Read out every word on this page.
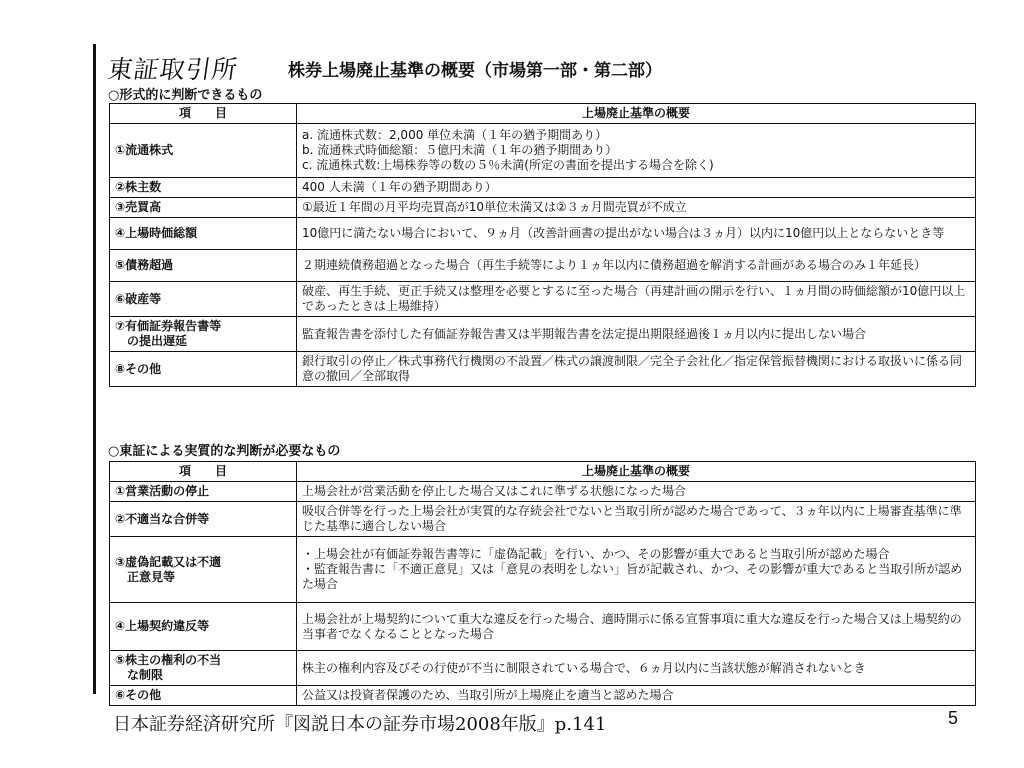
東証取引所	株券上場廃止基準の概要（市場第一部・第二部）
○形式的に判断できるもの
項　　目	上場廃止基準の概要
①流通株式	a. 流通株式数：2,000 単位未満（１年の猶予期間あり）
b. 流通株式時価総額：５億円未満（１年の猶予期間あり）
c. 流通株式数:上場株券等の数の５％未満(所定の書面を提出する場合を除く)
②株主数	400 人未満（１年の猶予期間あり）
③売買高	①最近１年間の月平均売買高が10単位未満又は②３ヵ月間売買が不成立
④上場時価総額	10億円に満たない場合において、９ヵ月（改善計画書の提出がない場合は３ヵ月）以内に10億円以上とならないとき等
⑤債務超過	２期連続債務超過となった場合（再生手続等により１ヵ年以内に債務超過を解消する計画がある場合のみ１年延長）
⑥破産等	破産、再生手続、更正手続又は整理を必要とするに至った場合（再建計画の開示を行い、１ヵ月間の時価総額が10億円以上であったときは上場維持）
⑦有価証券報告書等
　の提出遅延	監査報告書を添付した有価証券報告書又は半期報告書を法定提出期限経過後１ヵ月以内に提出しない場合
⑧その他	銀行取引の停止／株式事務代行機関の不設置／株式の譲渡制限／完全子会社化／指定保管振替機関における取扱いに係る同意の撤回／全部取得
○東証による実質的な判断が必要なもの
項　　目	上場廃止基準の概要
①営業活動の停止	上場会社が営業活動を停止した場合又はこれに準ずる状態になった場合
②不適当な合併等	吸収合併等を行った上場会社が実質的な存続会社でないと当取引所が認めた場合であって、３ヵ年以内に上場審査基準に準じた基準に適合しない場合
③虚偽記載又は不適
　正意見等	・上場会社が有価証券報告書等に「虚偽記載」を行い、かつ、その影響が重大であると当取引所が認めた場合
・監査報告書に「不適正意見」又は「意見の表明をしない」旨が記載され、かつ、その影響が重大であると当取引所が認めた場合
④上場契約違反等	上場会社が上場契約について重大な違反を行った場合、適時開示に係る宣誓事項に重大な違反を行った場合又は上場契約の当事者でなくなることとなった場合
⑤株主の権利の不当
　な制限	株主の権利内容及びその行使が不当に制限されている場合で、６ヵ月以内に当該状態が解消されないとき
⑥その他	公益又は投資者保護のため、当取引所が上場廃止を適当と認めた場合
日本証券経済研究所『図説日本の証券市場2008年版』p.141	5
